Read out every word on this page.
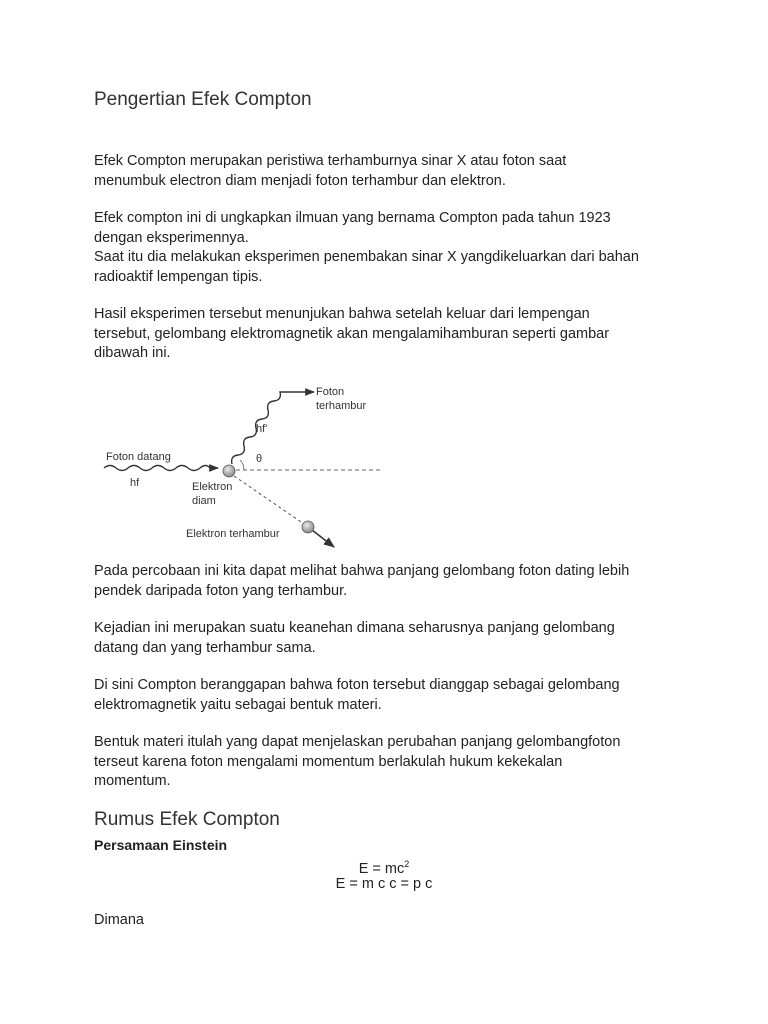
Pengertian Efek Compton
Efek Compton merupakan peristiwa terhamburnya sinar X atau foton saat
menumbuk electron diam menjadi foton terhambur dan elektron.
Efek compton ini di ungkapkan ilmuan yang bernama Compton pada tahun 1923
dengan eksperimennya.
Saat itu dia melakukan eksperimen penembakan sinar X yangdikeluarkan dari bahan
radioaktif lempengan tipis.
Hasil eksperimen tersebut menunjukan bahwa setelah keluar dari lempengan
tersebut, gelombang elektromagnetik akan mengalamihamburan seperti gambar
dibawah ini.
Foton
terhambur
hf'
θ
Foton datang
hf	Elektron
diam
Elektron terhambur
Pada percobaan ini kita dapat melihat bahwa panjang gelombang foton dating lebih
pendek daripada foton yang terhambur.
Kejadian ini merupakan suatu keanehan dimana seharusnya panjang gelombang
datang dan yang terhambur sama.
Di sini Compton beranggapan bahwa foton tersebut dianggap sebagai gelombang
elektromagnetik yaitu sebagai bentuk materi.
Bentuk materi itulah yang dapat menjelaskan perubahan panjang gelombangfoton
terseut karena foton mengalami momentum berlakulah hukum kekekalan
momentum.
Rumus Efek Compton
Persamaan Einstein
$E = mc^2$
E = m c c = p c
Dimana
